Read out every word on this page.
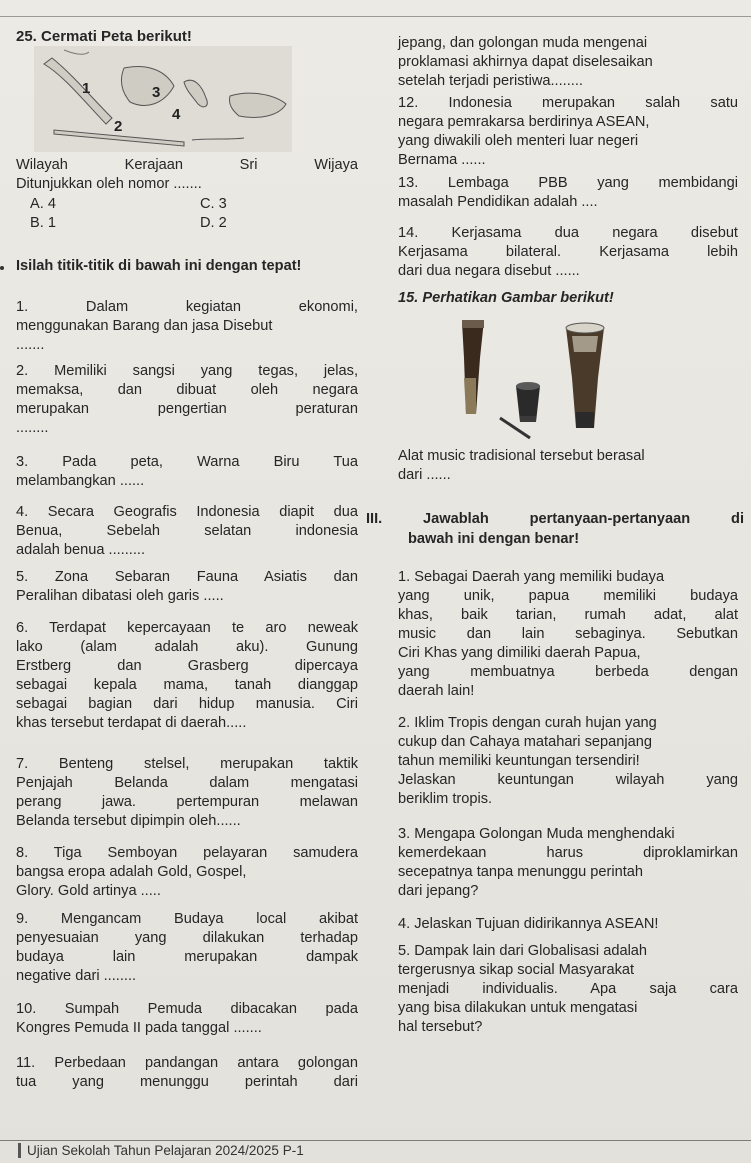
25. Cermati Peta berikut!
1	3
4
2

Wilayah Kerajaan Sri Wijaya

Ditunjukkan oleh nomor .......

A. 4	C. 3
B. 1	D. 2
Isilah titik-titik di bawah ini dengan tepat!

1. Dalam kegiatan ekonomi,

menggunakan Barang dan jasa Disebut

.......

2. Memiliki sangsi yang tegas, jelas,

memaksa, dan dibuat oleh negara

merupakan pengertian peraturan

........

3. Pada peta, Warna Biru Tua

melambangkan ......

4. Secara Geografis Indonesia diapit dua

Benua, Sebelah selatan indonesia

adalah benua .........

5. Zona Sebaran Fauna Asiatis dan

Peralihan dibatasi oleh garis .....

6. Terdapat kepercayaan te aro neweak

lako (alam adalah aku). Gunung

Erstberg dan Grasberg dipercaya

sebagai kepala mama, tanah dianggap

sebagai bagian dari hidup manusia. Ciri

khas tersebut terdapat di daerah.....

7. Benteng stelsel, merupakan taktik

Penjajah Belanda dalam mengatasi

perang jawa. pertempuran melawan

Belanda tersebut dipimpin oleh......

8. Tiga Semboyan pelayaran samudera

bangsa eropa adalah Gold, Gospel,

Glory. Gold artinya .....

9. Mengancam Budaya local akibat

penyesuaian yang dilakukan terhadap

budaya lain merupakan dampak

negative dari ........

10. Sumpah Pemuda dibacakan pada

Kongres Pemuda II pada tanggal .......

11. Perbedaan pandangan antara golongan

tua yang menunggu perintah dari

jepang, dan golongan muda mengenai

proklamasi akhirnya dapat diselesaikan

setelah terjadi peristiwa........

12. Indonesia merupakan salah satu

negara pemrakarsa berdirinya ASEAN,

yang diwakili oleh menteri luar negeri

Bernama ......

13. Lembaga PBB yang membidangi

masalah Pendidikan adalah ....

14. Kerjasama dua negara disebut

Kerjasama bilateral. Kerjasama lebih

dari dua negara disebut ......

15. Perhatikan Gambar berikut!

Alat music tradisional tersebut berasal

dari ......

III. Jawablah pertanyaan-pertanyaan di
bawah ini dengan benar!

1. Sebagai Daerah yang memiliki budaya

yang unik, papua memiliki budaya

khas, baik tarian, rumah adat, alat

music dan lain sebaginya. Sebutkan

Ciri Khas yang dimiliki daerah Papua,

yang membuatnya berbeda dengan

daerah lain!

2. Iklim Tropis dengan curah hujan yang

cukup dan Cahaya matahari sepanjang

tahun memiliki keuntungan tersendiri!

Jelaskan keuntungan wilayah yang

beriklim tropis.

3. Mengapa Golongan Muda menghendaki

kemerdekaan harus diproklamirkan

secepatnya tanpa menunggu perintah

dari jepang?

4. Jelaskan Tujuan didirikannya ASEAN!

5. Dampak lain dari Globalisasi adalah

tergerusnya sikap social Masyarakat

menjadi individualis. Apa saja cara

yang bisa dilakukan untuk mengatasi

hal tersebut?

Ujian Sekolah Tahun Pelajaran 2024/2025 P-1
